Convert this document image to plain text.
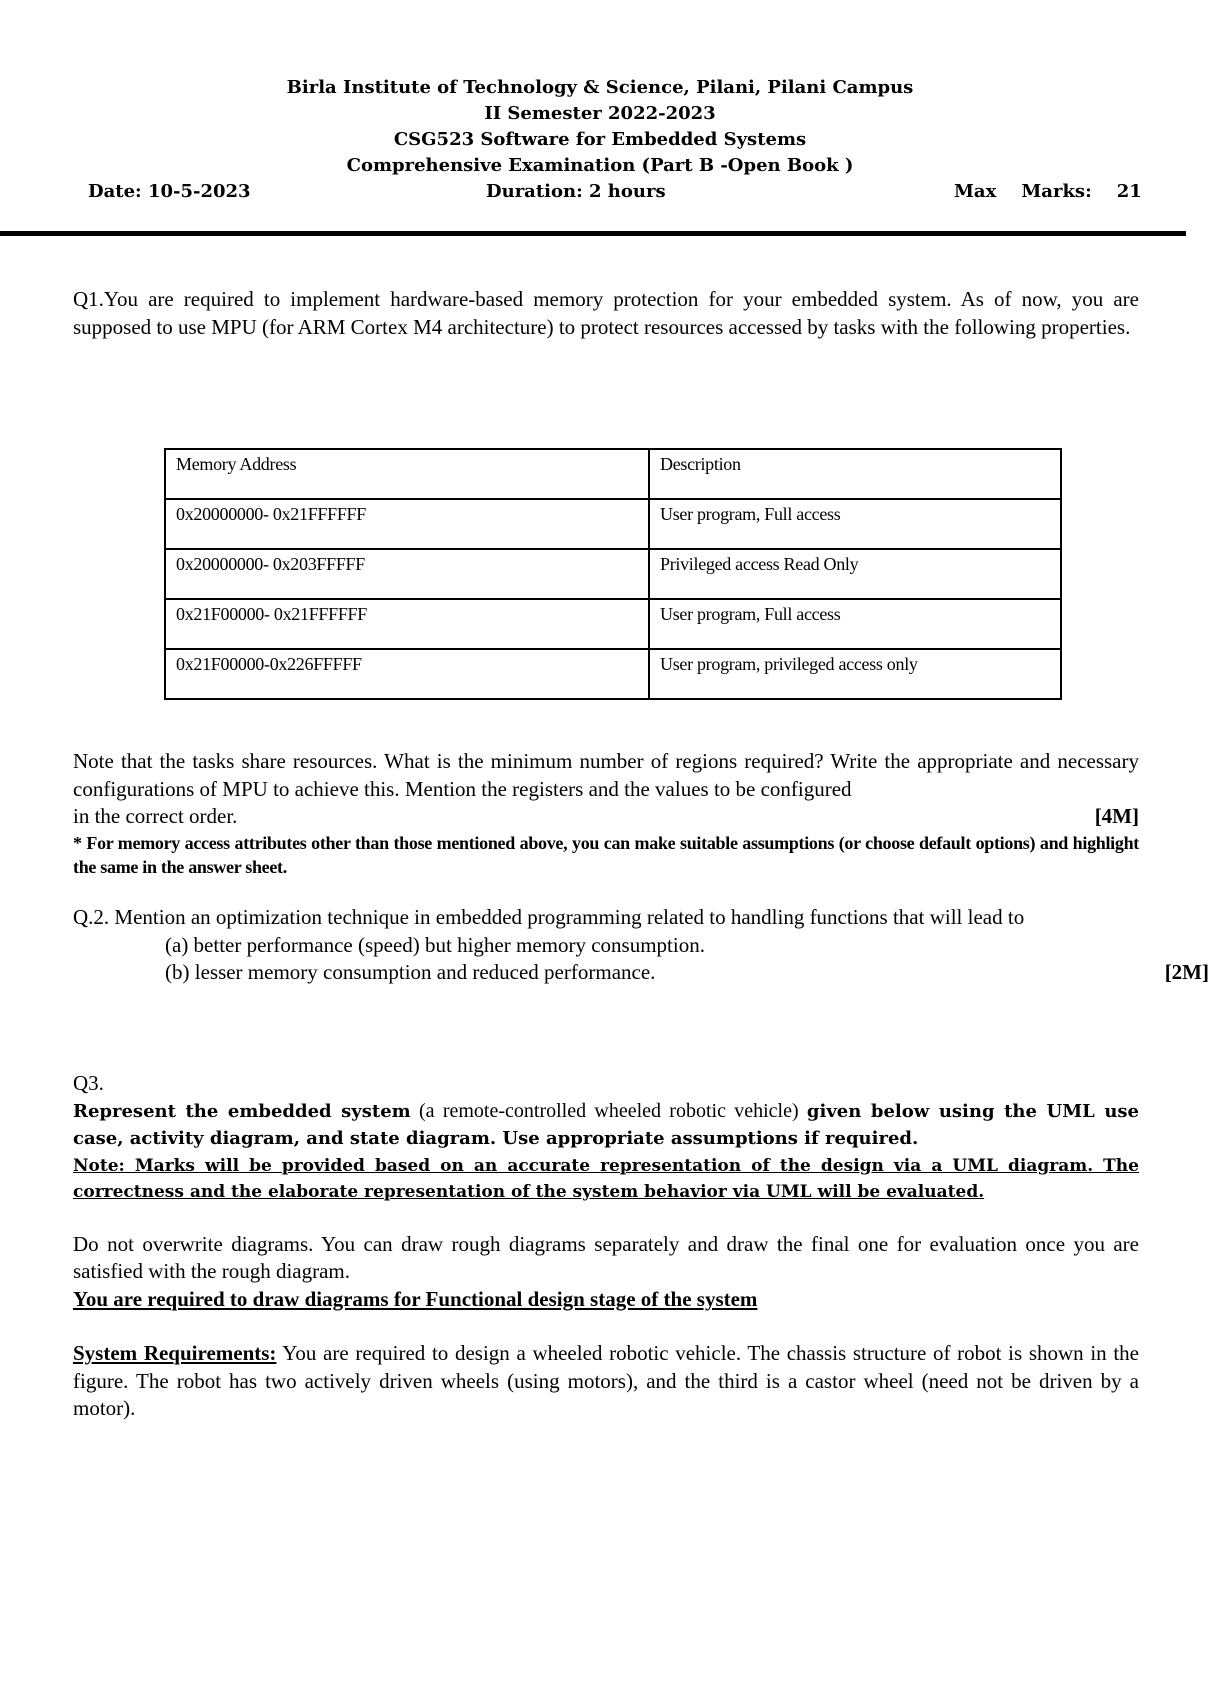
Birla Institute of Technology & Science, Pilani, Pilani Campus
II Semester 2022-2023
CSG523 Software for Embedded Systems
Comprehensive Examination (Part B -Open Book )
Date: 10-5-2023	Duration: 2 hours	Max    Marks:    21

Q1.You are required to implement hardware-based memory protection for your embedded system. As of now, you are supposed to use MPU (for ARM Cortex M4 architecture) to protect resources accessed by tasks with the following properties.

Memory Address	Description
0x20000000- 0x21FFFFFF	User program, Full access
0x20000000- 0x203FFFFF	Privileged access Read Only
0x21F00000- 0x21FFFFFF	User program, Full access
0x21F00000-0x226FFFFF	User program, privileged access only

Note that the tasks share resources. What is the minimum number of regions required? Write the appropriate and necessary configurations of MPU to achieve this. Mention the registers and the values to be configured

in the correct order.	[4M]

* For memory access attributes other than those mentioned above, you can make suitable assumptions (or choose default options) and highlight the same in the answer sheet.

Q.2. Mention an optimization technique in embedded programming related to handling functions that will lead to

(a) better performance (speed) but higher memory consumption.
(b) lesser memory consumption and reduced performance.	[2M]

Q3.

Represent the embedded system (a remote-controlled wheeled robotic vehicle) given below using the UML use case, activity diagram, and state diagram. Use appropriate assumptions if required.

Note: Marks will be provided based on an accurate representation of the design via a UML diagram. The correctness and the elaborate representation of the system behavior via UML will be evaluated.

Do not overwrite diagrams. You can draw rough diagrams separately and draw the final one for evaluation once you are satisfied with the rough diagram.

You are required to draw diagrams for Functional design stage of the system

System Requirements: You are required to design a wheeled robotic vehicle. The chassis structure of robot is shown in the figure. The robot has two actively driven wheels (using motors), and the third is a castor wheel (need not be driven by a motor).
